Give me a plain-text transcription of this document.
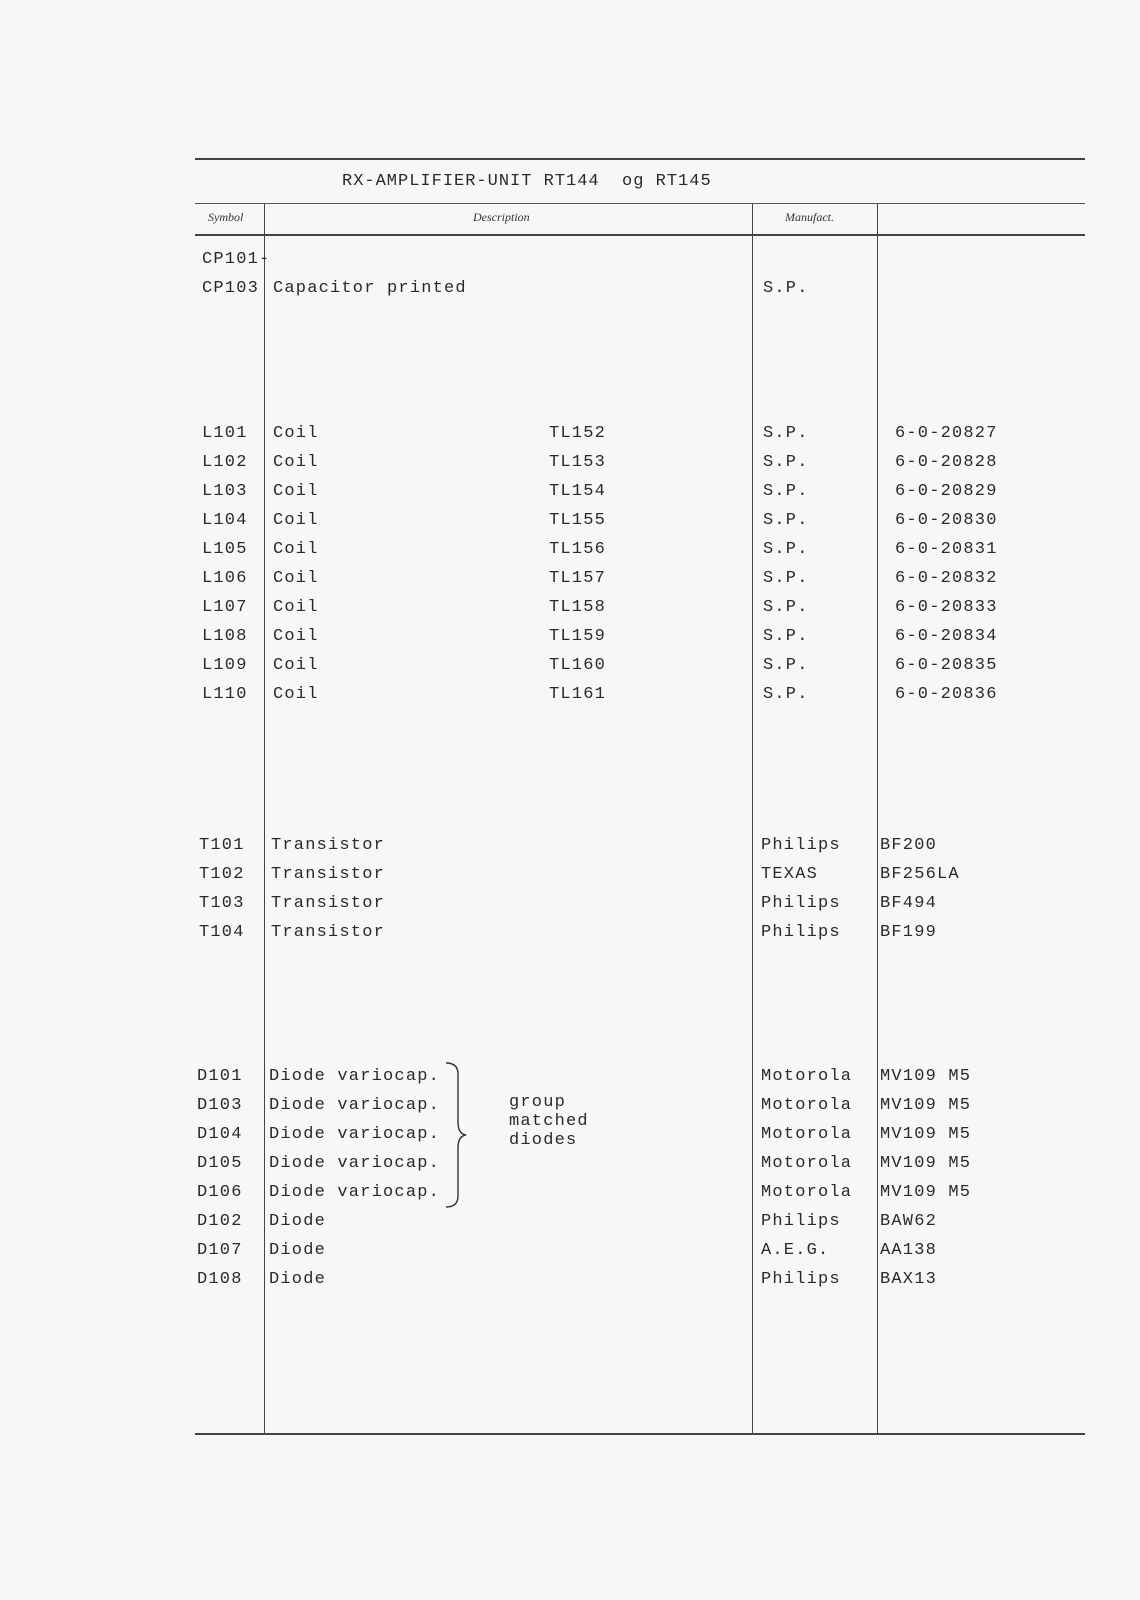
RX-AMPLIFIER-UNIT RT144  og RT145
Symbol	Description	Manufact.
CP101-
CP103 Capacitor printed	S.P.
L101 Coil	TL152	S.P.	6-0-20827
L102 Coil	TL153	S.P.	6-0-20828
L103 Coil	TL154	S.P.	6-0-20829
L104 Coil	TL155	S.P.	6-0-20830
L105 Coil	TL156	S.P.	6-0-20831
L106 Coil	TL157	S.P.	6-0-20832
L107 Coil	TL158	S.P.	6-0-20833
L108 Coil	TL159	S.P.	6-0-20834
L109 Coil	TL160	S.P.	6-0-20835
L110 Coil	TL161	S.P.	6-0-20836
T101 Transistor	Philips BF200
T102 Transistor	TEXAS	BF256LA
T103 Transistor	Philips BF494
T104 Transistor	Philips BF199
D101 Diode variocap.	Motorola MV109 M5
D103 Diode variocap.	Motorola MV109 M5
D104 Diode variocap.	Motorola MV109 M5
D105 Diode variocap.	Motorola MV109 M5
D106 Diode variocap.	Motorola MV109 M5
D102 Diode	Philips BAW62
D107 Diode	A.E.G.	AA138
D108 Diode	Philips BAX13
group
matched
diodes
